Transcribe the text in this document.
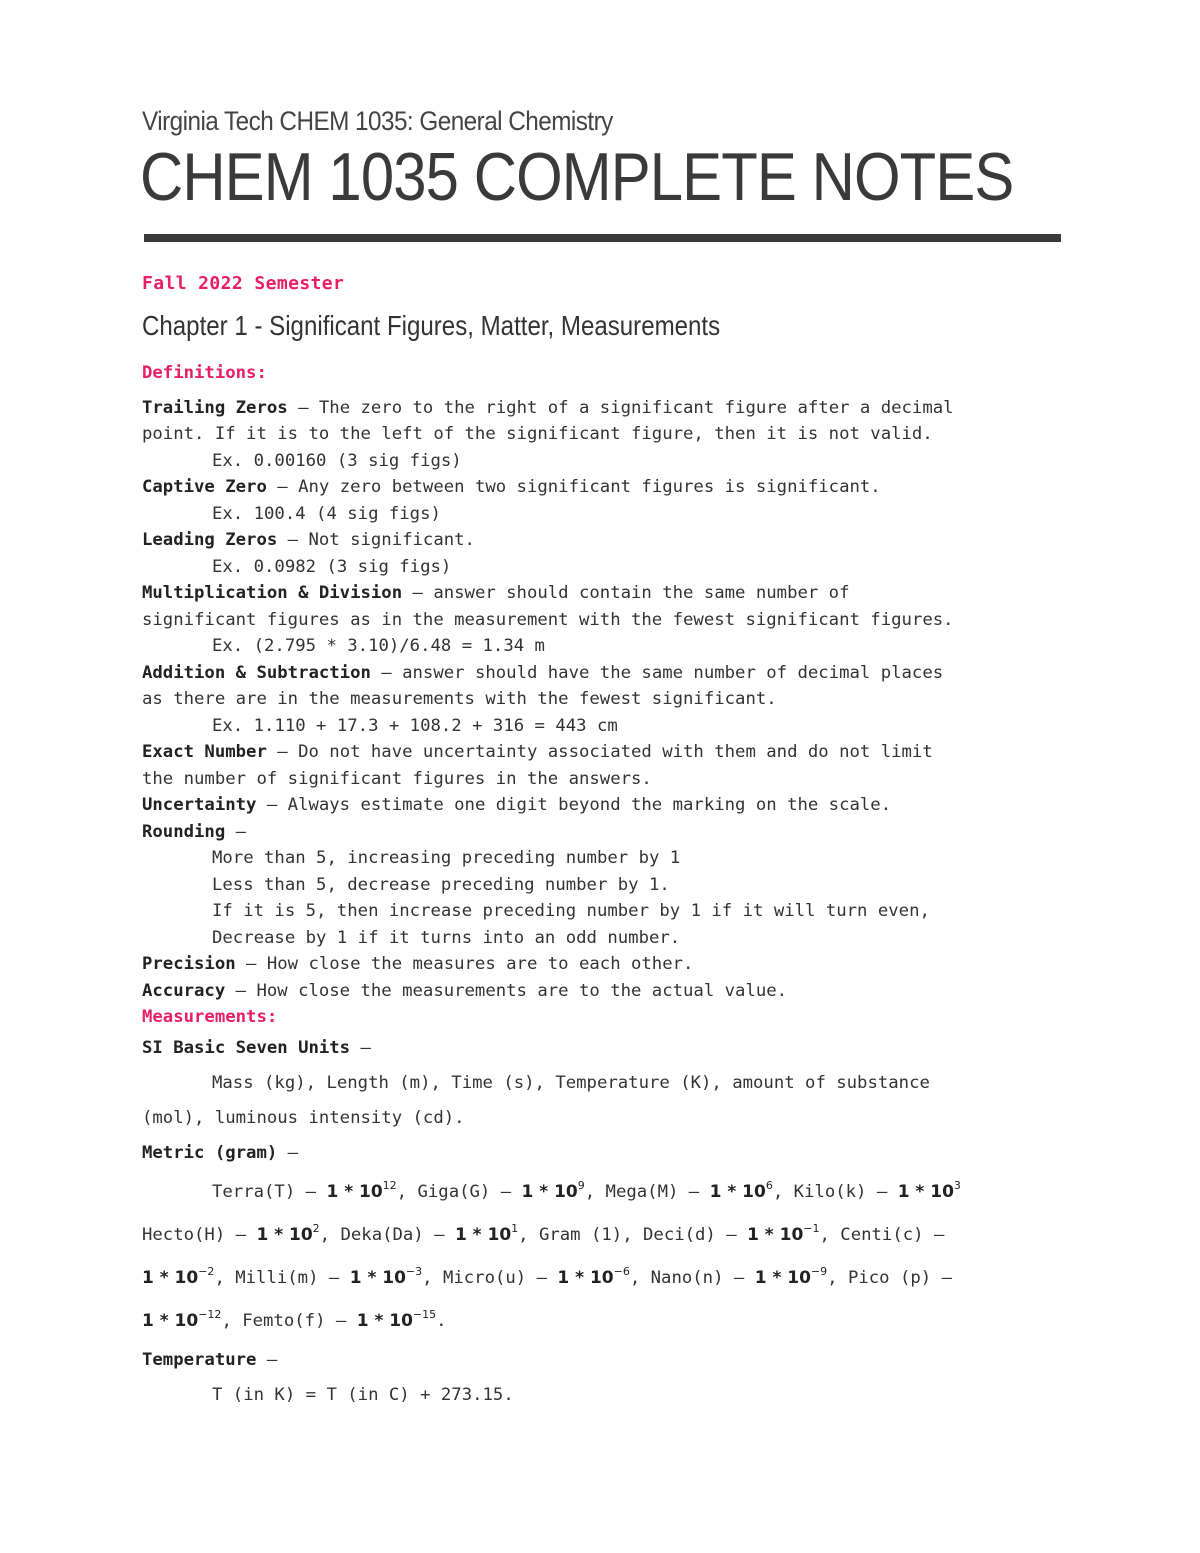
Virginia Tech CHEM 1035: General Chemistry
CHEM 1035 COMPLETE NOTES
Fall 2022 Semester
Chapter 1 - Significant Figures, Matter, Measurements
Definitions:
Trailing Zeros – The zero to the right of a significant figure after a decimal
point. If it is to the left of the significant figure, then it is not valid.
Ex. 0.00160 (3 sig figs)
Captive Zero – Any zero between two significant figures is significant.
Ex. 100.4 (4 sig figs)
Leading Zeros – Not significant.
Ex. 0.0982 (3 sig figs)
Multiplication & Division – answer should contain the same number of
significant figures as in the measurement with the fewest significant figures.
Ex. (2.795 * 3.10)/6.48 = 1.34 m
Addition & Subtraction – answer should have the same number of decimal places
as there are in the measurements with the fewest significant.
Ex. 1.110 + 17.3 + 108.2 + 316 = 443 cm
Exact Number – Do not have uncertainty associated with them and do not limit
the number of significant figures in the answers.
Uncertainty – Always estimate one digit beyond the marking on the scale.
Rounding –
More than 5, increasing preceding number by 1
Less than 5, decrease preceding number by 1.
If it is 5, then increase preceding number by 1 if it will turn even,
Decrease by 1 if it turns into an odd number.
Precision – How close the measures are to each other.
Accuracy – How close the measurements are to the actual value.
Measurements:
SI Basic Seven Units –
Mass (kg), Length (m), Time (s), Temperature (K), amount of substance
(mol), luminous intensity (cd).
Metric (gram) –
Terra(T) – $1 * 10^{12}$, Giga(G) – $1 * 10^9$, Mega(M) – $1 * 10^6$, Kilo(k) – $1 * 10^3$
Hecto(H) – $1 * 10^2$, Deka(Da) – $1 * 10^1$, Gram (1), Deci(d) – $1 * 10^{-1}$, Centi(c) –
$1 * 10^{-2}$, Milli(m) – $1 * 10^{-3}$, Micro(u) – $1 * 10^{-6}$, Nano(n) – $1 * 10^{-9}$, Pico (p) –
$1 * 10^{-12}$, Femto(f) – $1 * 10^{-15}$.
Temperature –
T (in K) = T (in C) + 273.15.
